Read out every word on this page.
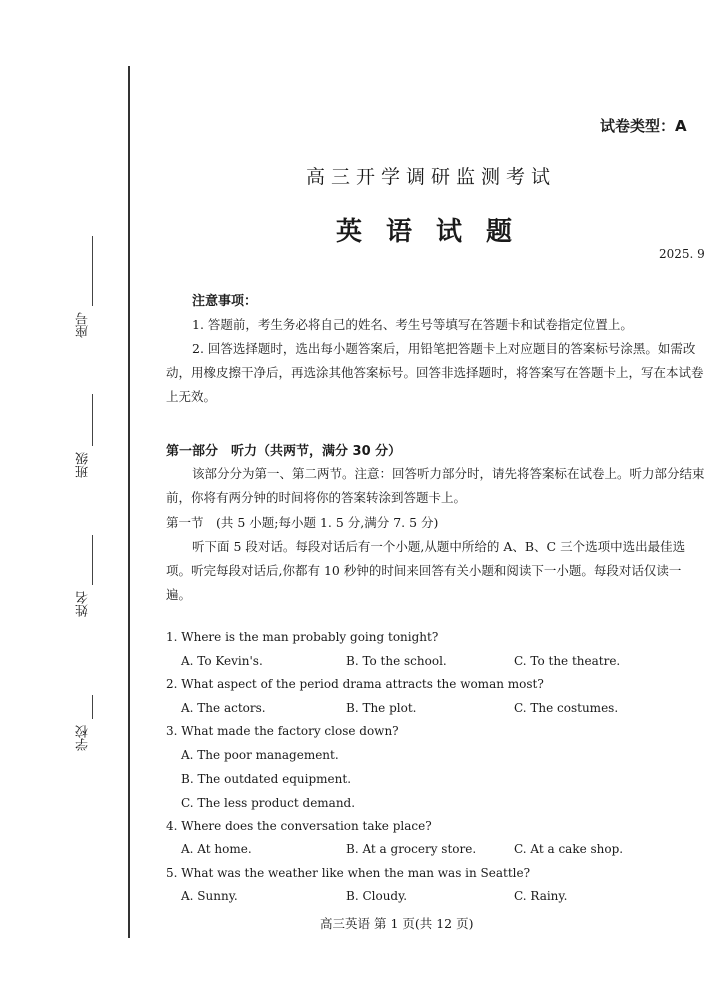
座号
班级
姓名
学校
试卷类型：A
高三开学调研监测考试
英语试题
2025. 9
注意事项：

1. 答题前，考生务必将自己的姓名、考生号等填写在答题卡和试卷指定位置上。

2. 回答选择题时，选出每小题答案后，用铅笔把答题卡上对应题目的答案标号涂黑。如需改动，用橡皮擦干净后，再选涂其他答案标号。回答非选择题时，将答案写在答题卡上，写在本试卷上无效。

第一部分　听力（共两节，满分 30 分）

该部分分为第一、第二两节。注意：回答听力部分时，请先将答案标在试卷上。听力部分结束前，你将有两分钟的时间将你的答案转涂到答题卡上。

第一节　(共 5 小题;每小题 1. 5 分,满分 7. 5 分)

听下面 5 段对话。每段对话后有一个小题,从题中所给的 A、B、C 三个选项中选出最佳选项。听完每段对话后,你都有 10 秒钟的时间来回答有关小题和阅读下一小题。每段对话仅读一遍。

1. Where is the man probably going tonight?
A. To Kevin's.	B. To the school.	C. To the theatre.
2. What aspect of the period drama attracts the woman most?
A. The actors.	B. The plot.	C. The costumes.
3. What made the factory close down?
A. The poor management.
B. The outdated equipment.
C. The less product demand.
4. Where does the conversation take place?
A. At home.	B. At a grocery store.	C. At a cake shop.
5. What was the weather like when the man was in Seattle?
A. Sunny.	B. Cloudy.	C. Rainy.
高三英语 第 1 页(共 12 页)
